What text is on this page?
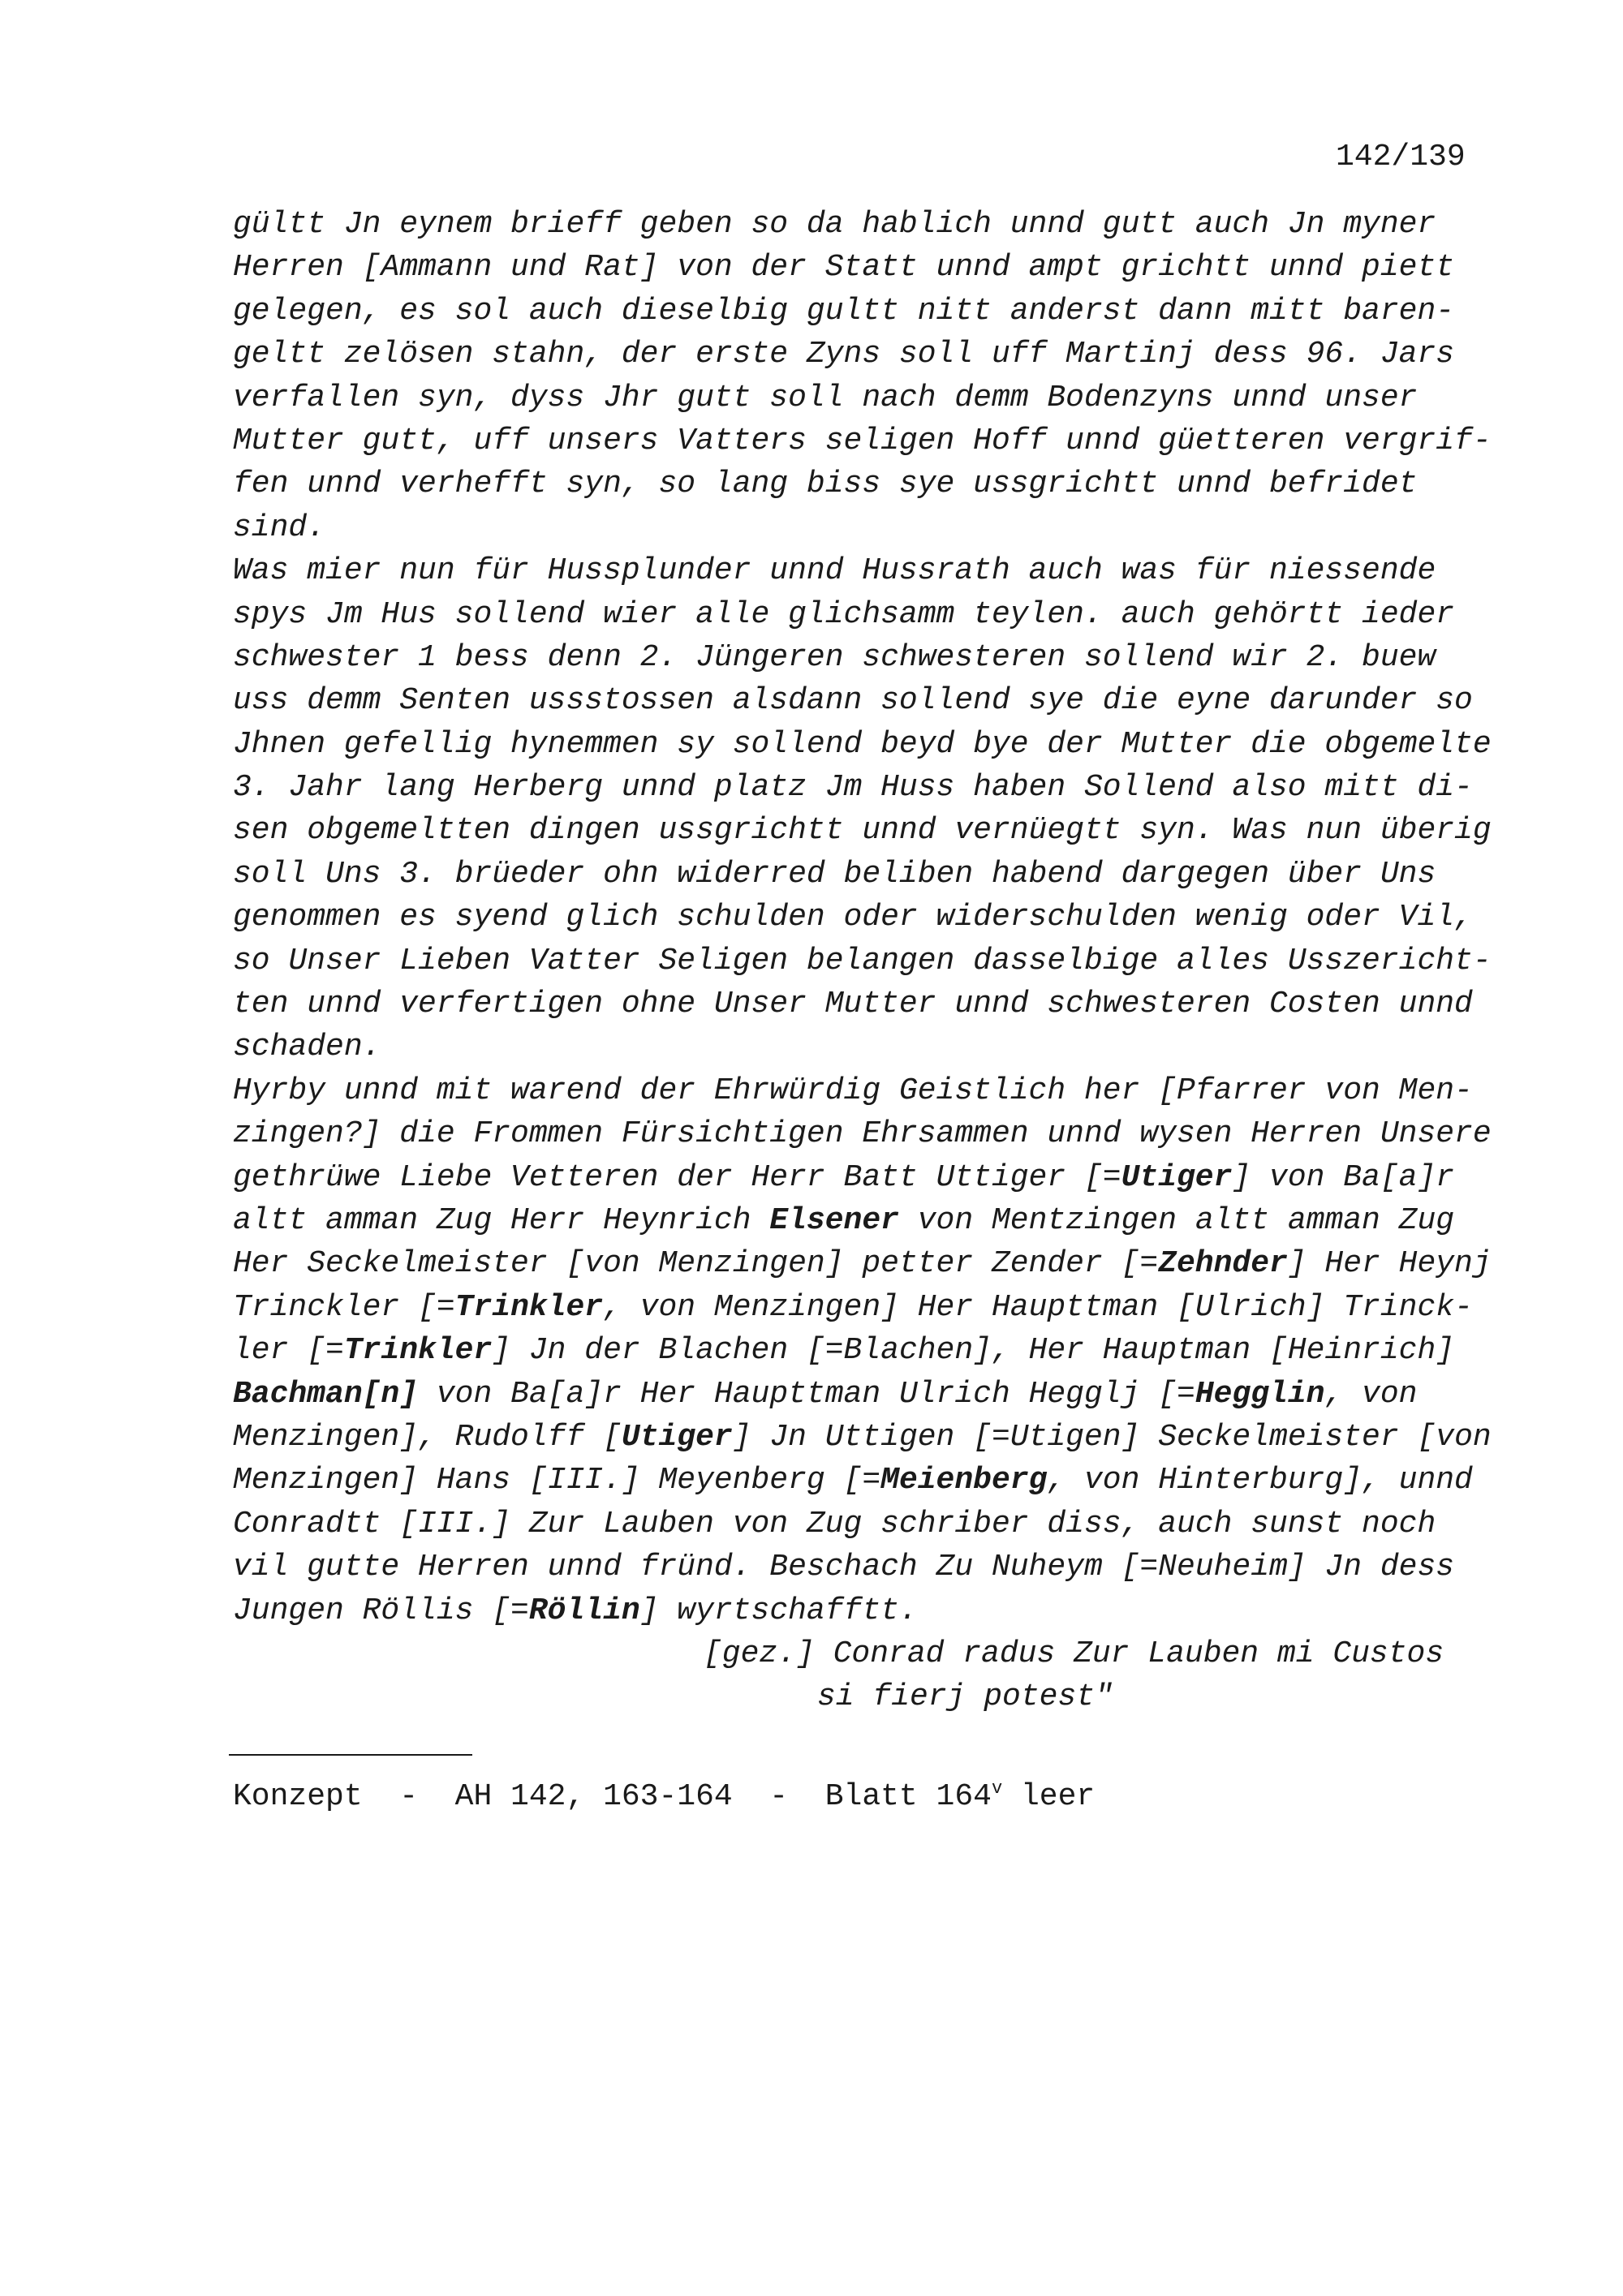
142/139
gültt Jn eynem brieff geben so da hablich unnd gutt auch Jn myner
Herren [Ammann und Rat] von der Statt unnd ampt grichtt unnd piett
gelegen, es sol auch dieselbig gultt nitt anderst dann mitt baren-
geltt zelösen stahn, der erste Zyns soll uff Martinj dess 96. Jars
verfallen syn, dyss Jhr gutt soll nach demm Bodenzyns unnd unser
Mutter gutt, uff unsers Vatters seligen Hoff unnd güetteren vergrif-
fen unnd verhefft syn, so lang biss sye ussgrichtt unnd befridet
sind.
Was mier nun für Hussplunder unnd Hussrath auch was für niessende
spys Jm Hus sollend wier alle glichsamm teylen. auch gehörtt ieder
schwester 1 bess denn 2. Jüngeren schwesteren sollend wir 2. buew
uss demm Senten ussstossen alsdann sollend sye die eyne darunder so
Jhnen gefellig hynemmen sy sollend beyd bye der Mutter die obgemelte
3. Jahr lang Herberg unnd platz Jm Huss haben Sollend also mitt di-
sen obgemeltten dingen ussgrichtt unnd vernüegtt syn. Was nun überig
soll Uns 3. brüeder ohn widerred beliben habend dargegen über Uns
genommen es syend glich schulden oder widerschulden wenig oder Vil,
so Unser Lieben Vatter Seligen belangen dasselbige alles Usszericht-
ten unnd verfertigen ohne Unser Mutter unnd schwesteren Costen unnd
schaden.
Hyrby unnd mit warend der Ehrwürdig Geistlich her [Pfarrer von Men-
zingen?] die Frommen Fürsichtigen Ehrsammen unnd wysen Herren Unsere
gethrüwe Liebe Vetteren der Herr Batt Uttiger [=Utiger] von Ba[a]r
altt amman Zug Herr Heynrich Elsener von Mentzingen altt amman Zug
Her Seckelmeister [von Menzingen] petter Zender [=Zehnder] Her Heynj
Trinckler [=Trinkler, von Menzingen] Her Haupttman [Ulrich] Trinck-
ler [=Trinkler] Jn der Blachen [=Blachen], Her Hauptman [Heinrich]
Bachman[n] von Ba[a]r Her Haupttman Ulrich Hegglj [=Hegglin, von
Menzingen], Rudolff [Utiger] Jn Uttigen [=Utigen] Seckelmeister [von
Menzingen] Hans [III.] Meyenberg [=Meienberg, von Hinterburg], unnd
Conradtt [III.] Zur Lauben von Zug schriber diss, auch sunst noch
vil gutte Herren unnd fründ. Beschach Zu Nuheym [=Neuheim] Jn dess
Jungen Röllis [=Röllin] wyrtschafftt.
[gez.] Conrad radus Zur Lauben mi Custos
si fierj potest"
Konzept  -  AH 142, 163-164  -  Blatt 164$^v$ leer
